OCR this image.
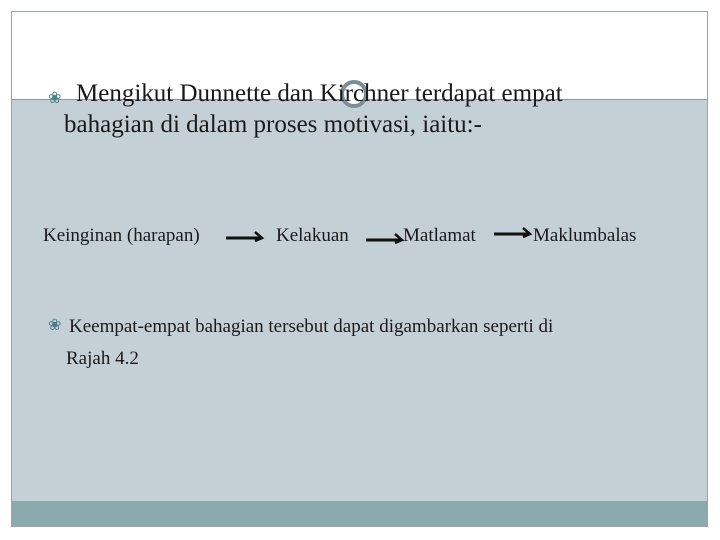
❀ Mengikut Dunnette dan Kirchner terdapat empat
bahagian di dalam proses motivasi, iaitu:-
Keinginan (harapan)	Kelakuan	Matlamat	Maklumbalas
❀ Keempat-empat bahagian tersebut dapat digambarkan seperti di
Rajah 4.2
